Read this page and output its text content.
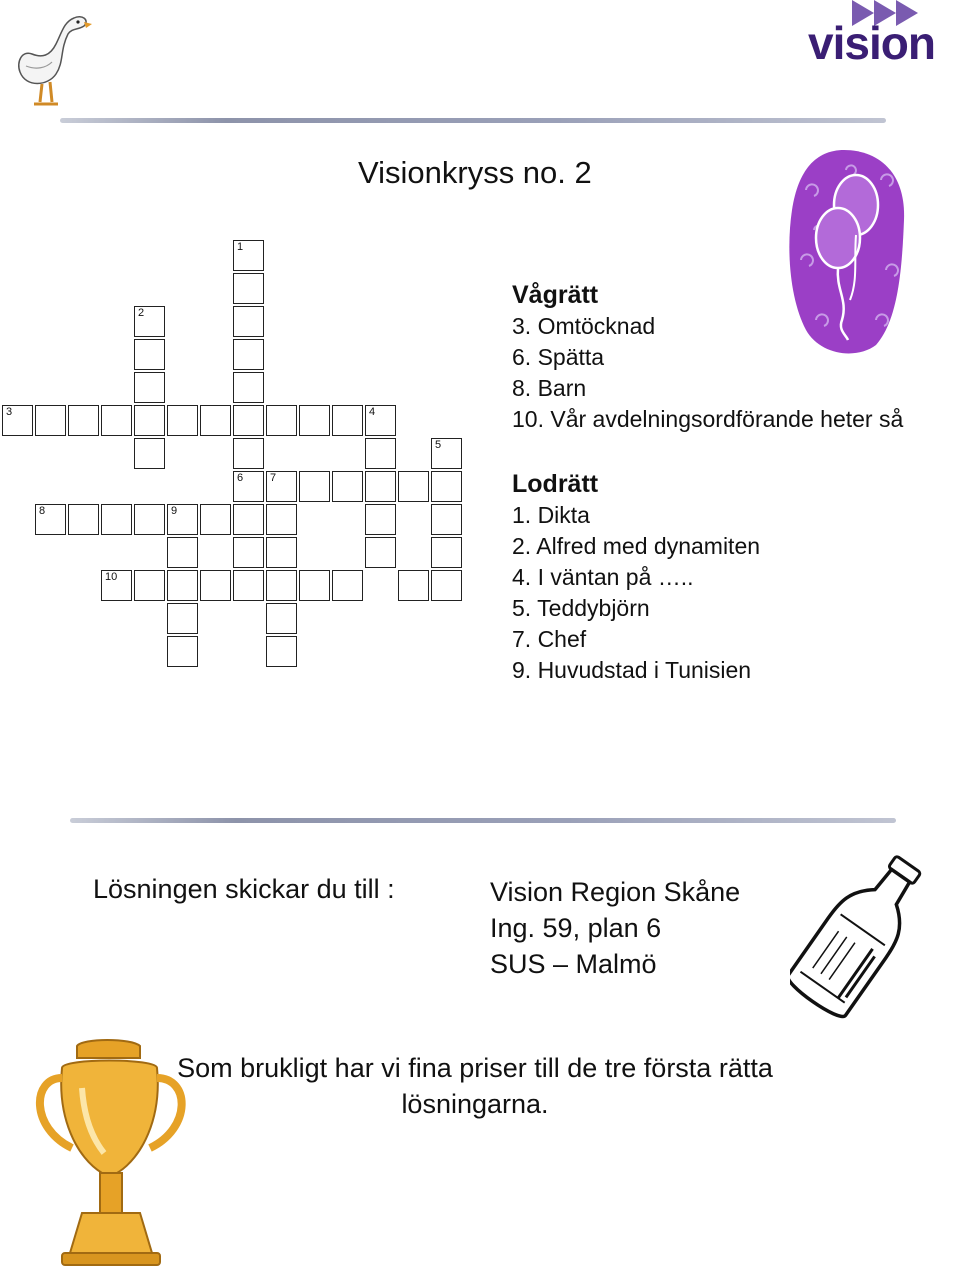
vision
Visionkryss no. 2
1
6
2
3	4
5
7
8	9
10
Vågrätt
3. Omtöcknad
6. Spätta
8. Barn
10. Vår avdelningsordförande heter så
Lodrätt
1. Dikta
2. Alfred med dynamiten
4. I väntan på …..
5. Teddybjörn
7. Chef
9. Huvudstad i Tunisien
Lösningen skickar du till :	Vision Region Skåne
Ing. 59, plan 6
SUS – Malmö
Som brukligt har vi fina priser till de tre första rätta lösningarna.
